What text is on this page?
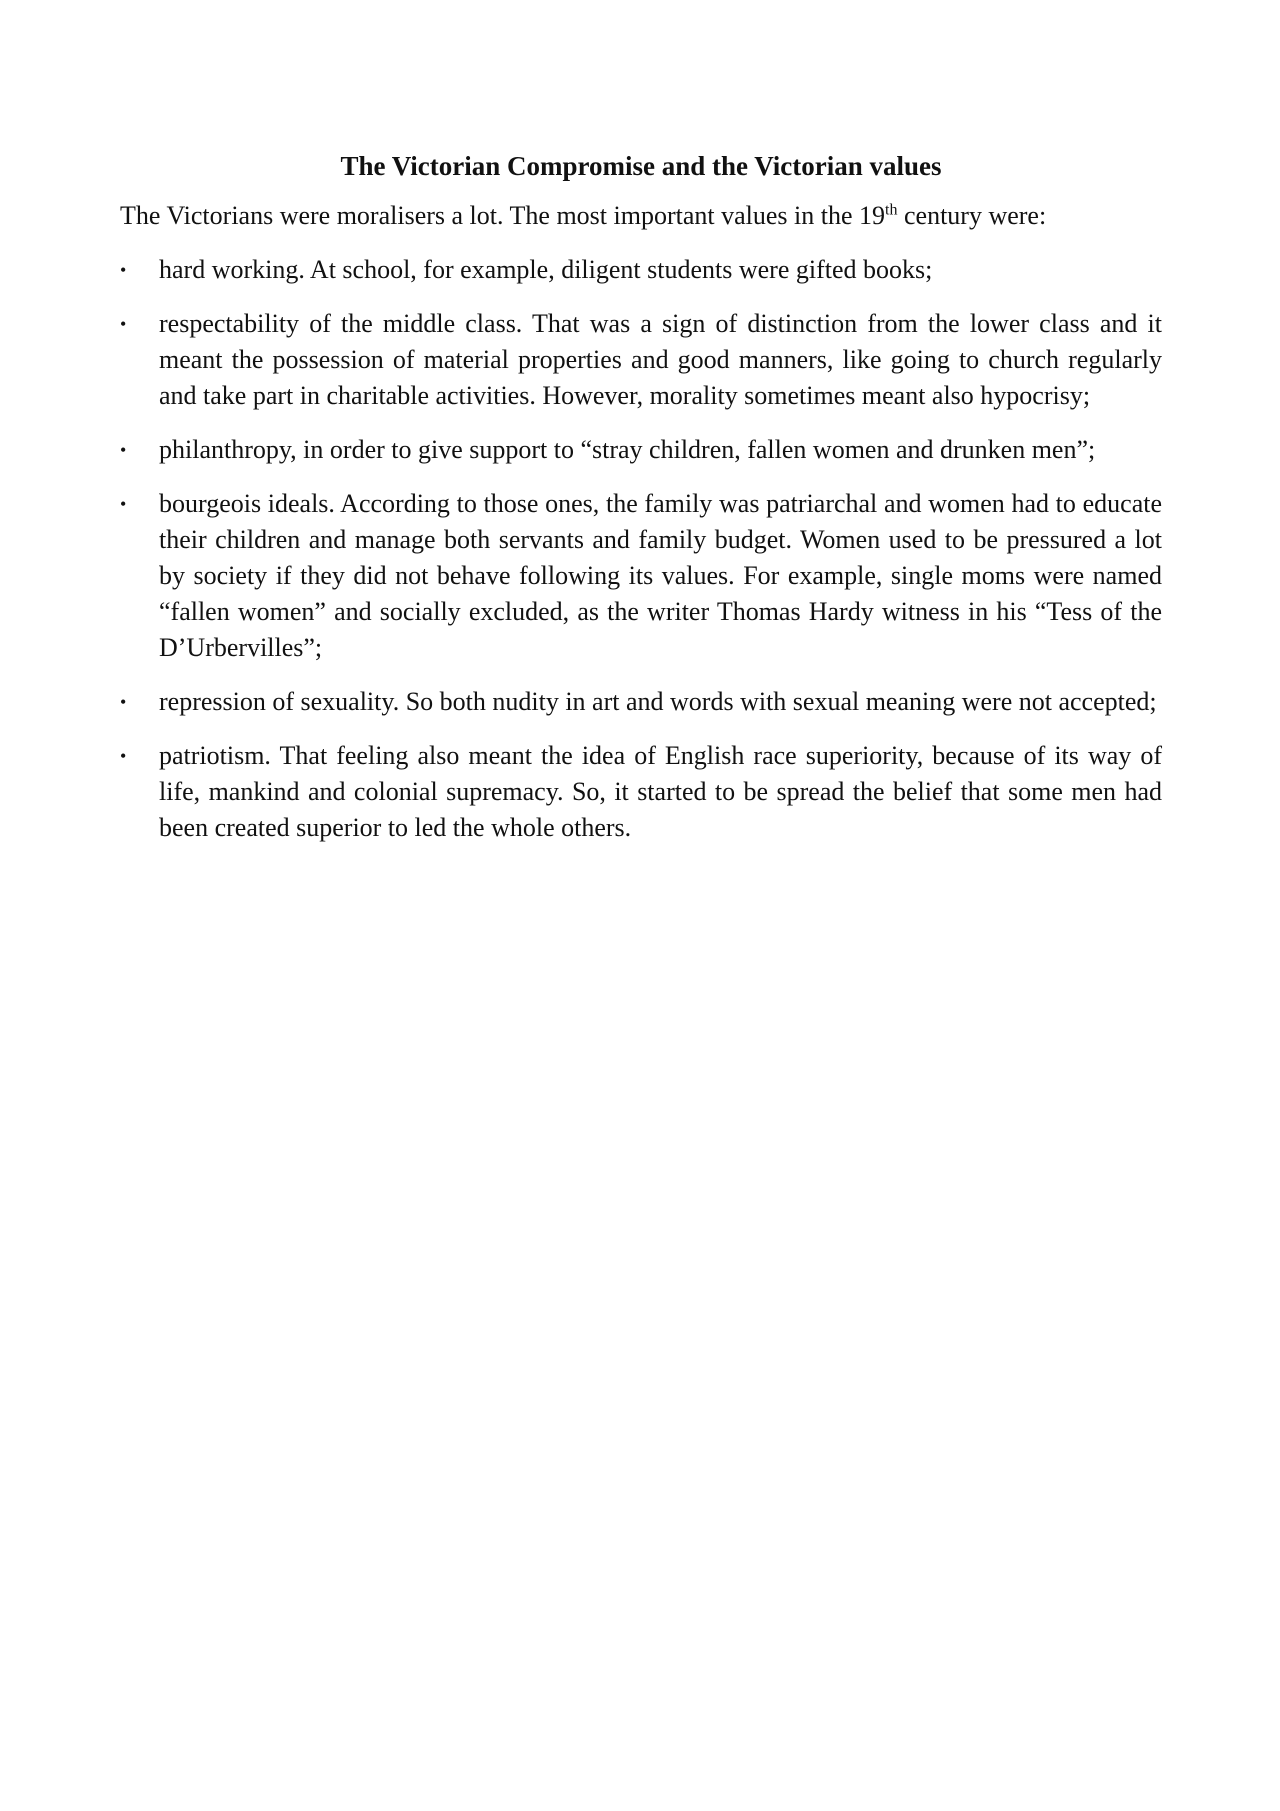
The Victorian Compromise and the Victorian values

The Victorians were moralisers a lot. The most important values in the 19th century were:

• hard working. At school, for example, diligent students were gifted books;
• respectability of the middle class. That was a sign of distinction from the lower class and it meant the possession of material properties and good manners, like going to church regularly and take part in charitable activities. However, morality sometimes meant also hypocrisy;
• philanthropy, in order to give support to “stray children, fallen women and drunken men”;
• bourgeois ideals. According to those ones, the family was patriarchal and women had to educate their children and manage both servants and family budget. Women used to be pressured a lot by society if they did not behave following its values. For example, single moms were named “fallen women” and socially excluded, as the writer Thomas Hardy witness in his “Tess of the D’Urbervilles”;
• repression of sexuality. So both nudity in art and words with sexual meaning were not accepted;
• patriotism. That feeling also meant the idea of English race superiority, because of its way of life, mankind and colonial supremacy. So, it started to be spread the belief that some men had been created superior to led the whole others.
